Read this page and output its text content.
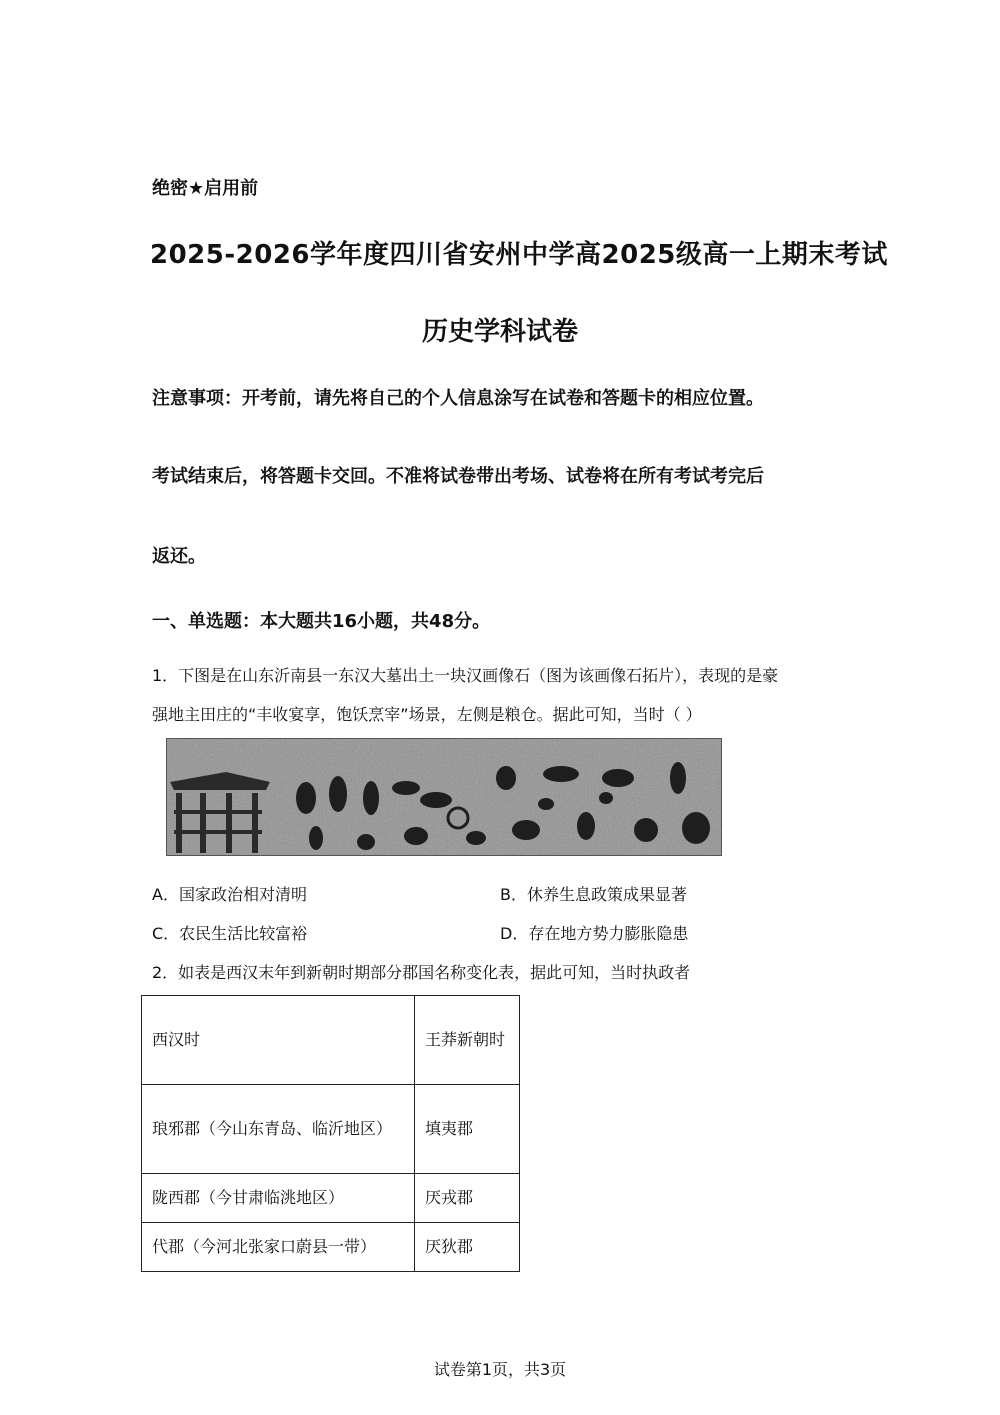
绝密★启用前
2025-2026学年度四川省安州中学高2025级高一上期末考试
历史学科试卷
注意事项：开考前，请先将自己的个人信息涂写在试卷和答题卡的相应位置。
考试结束后，将答题卡交回。不准将试卷带出考场、试卷将在所有考试考完后
返还。
一、单选题：本大题共16小题，共48分。
1．下图是在山东沂南县一东汉大墓出土一块汉画像石（图为该画像石拓片），表现的是豪
强地主田庄的“丰收宴享，饱饫烹宰”场景，左侧是粮仓。据此可知，当时（ ）
A．国家政治相对清明	B．休养生息政策成果显著
C．农民生活比较富裕	D．存在地方势力膨胀隐患
2．如表是西汉末年到新朝时期部分郡国名称变化表，据此可知，当时执政者
西汉时	王莽新朝时
琅邪郡（今山东青岛、临沂地区）	填夷郡
陇西郡（今甘肃临洮地区）	厌戎郡
代郡（今河北张家口蔚县一带）	厌狄郡
试卷第1页，共3页
